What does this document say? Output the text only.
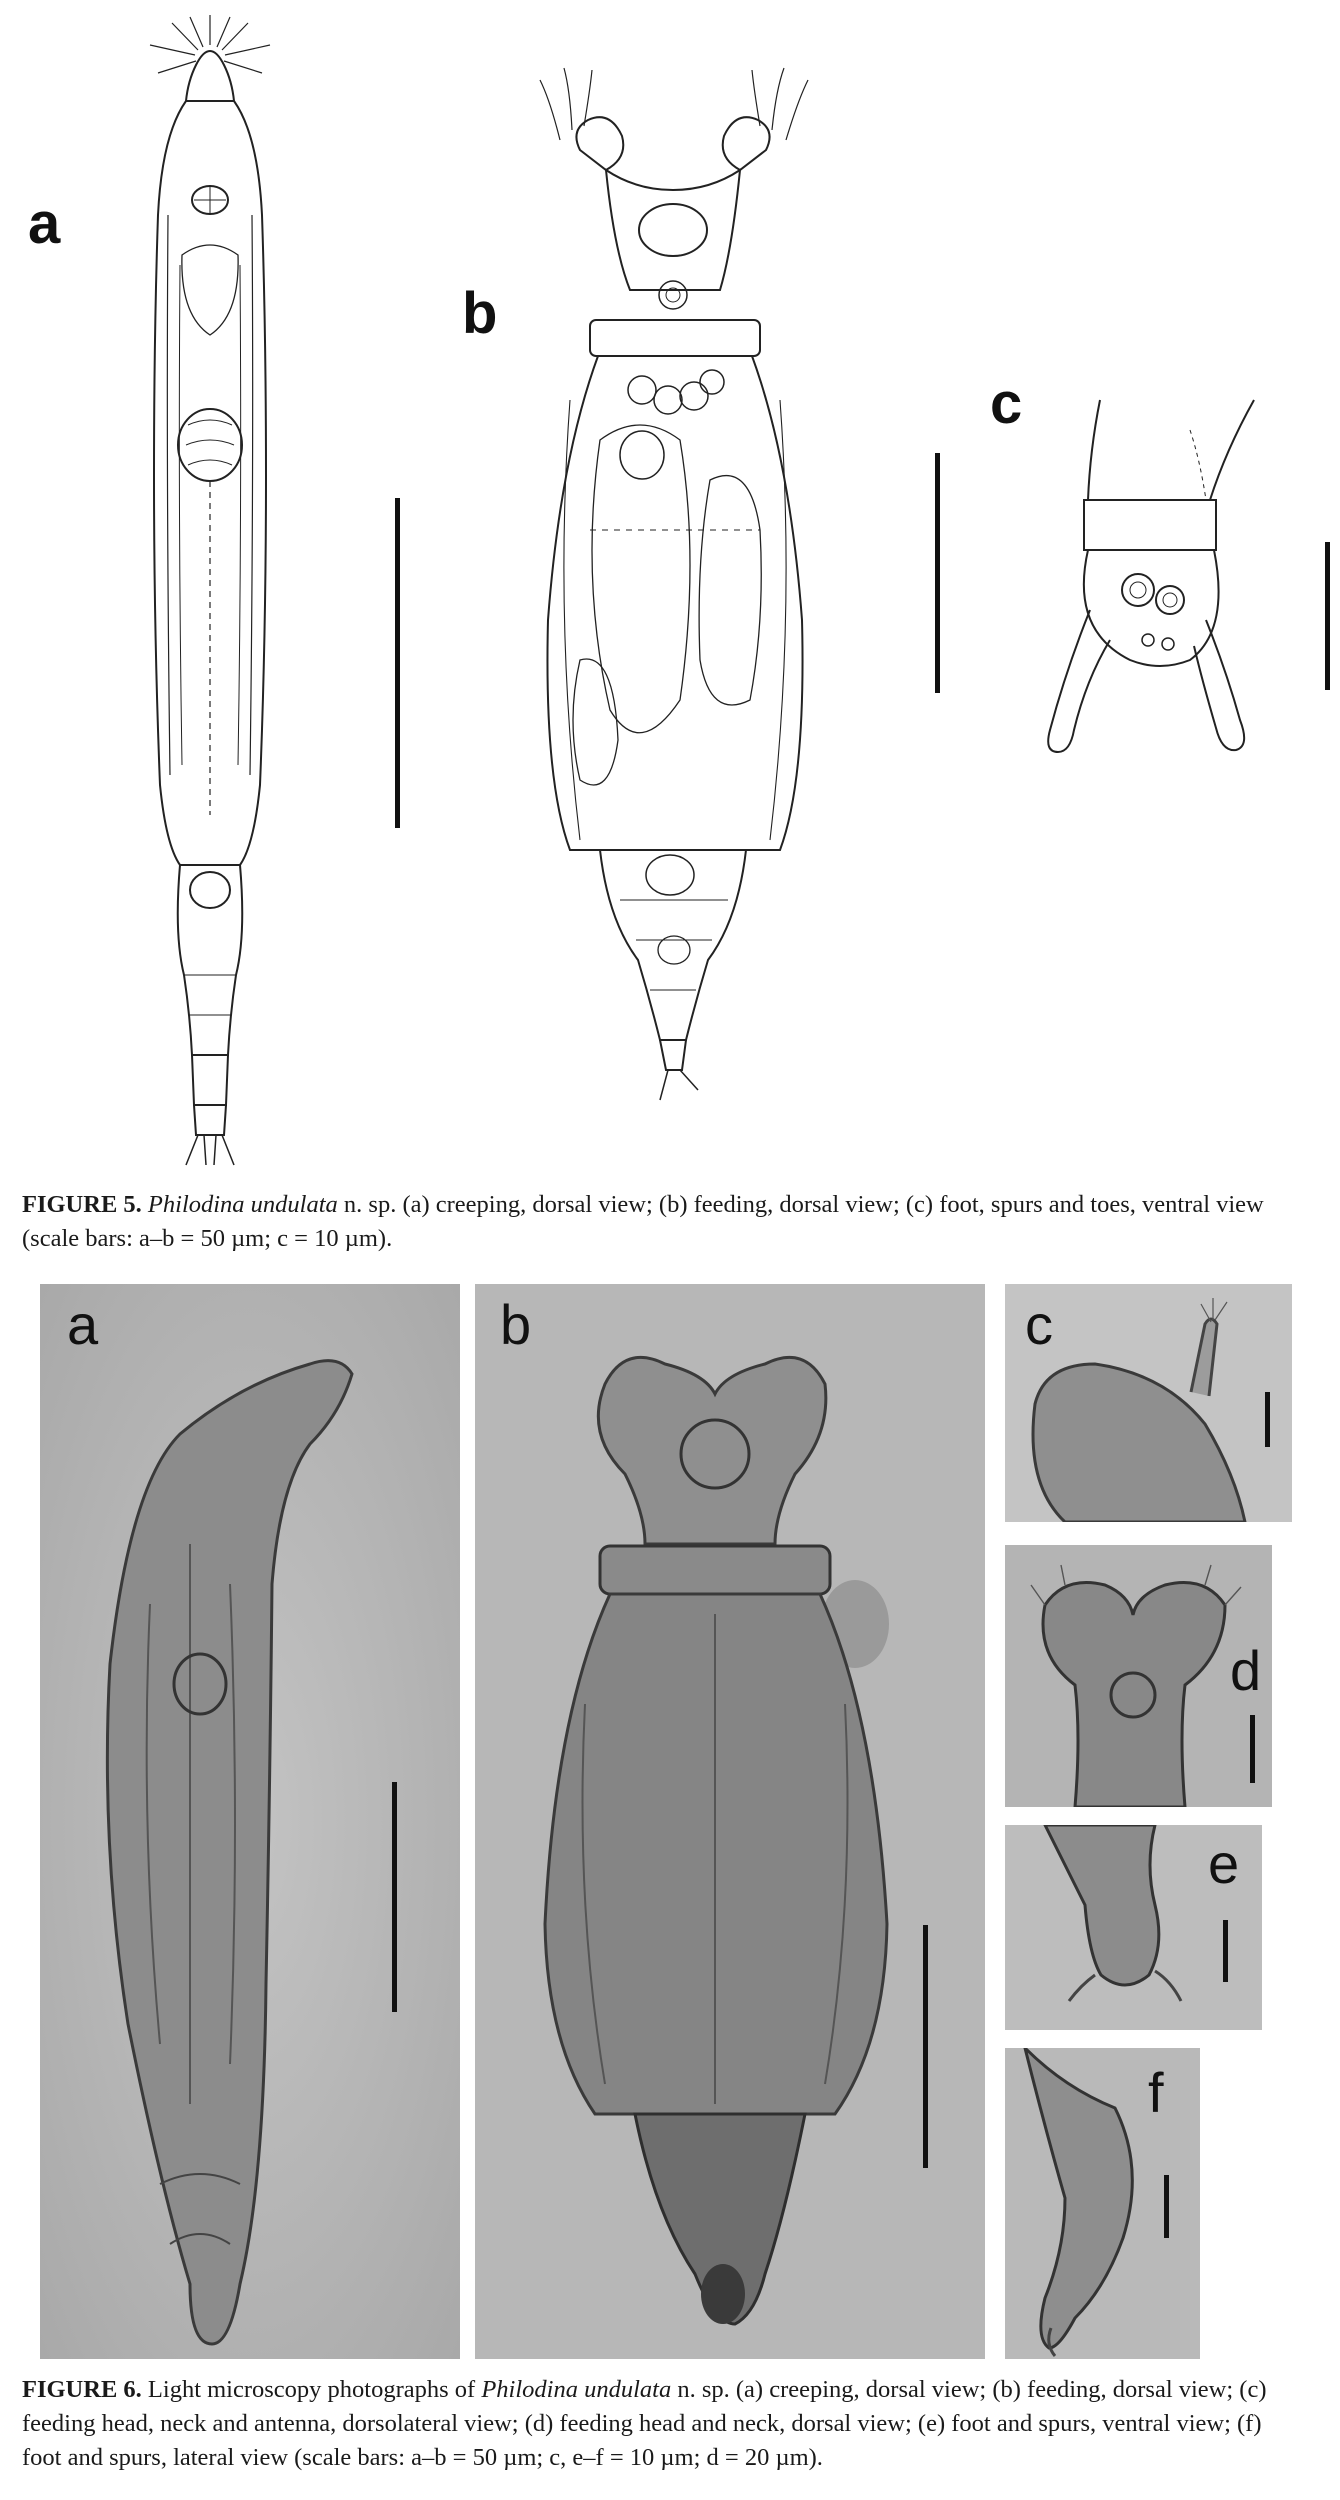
a
b
c
FIGURE 5. Philodina undulata n. sp. (a) creeping, dorsal view; (b) feeding, dorsal view; (c) foot, spurs and toes, ventral view
(scale bars: a–b = 50 µm; c = 10 µm).
a	b	c
d
e
f
FIGURE 6. Light microscopy photographs of Philodina undulata n. sp. (a) creeping, dorsal view; (b) feeding, dorsal view; (c)
feeding head, neck and antenna, dorsolateral view; (d) feeding head and neck, dorsal view; (e) foot and spurs, ventral view; (f)
foot and spurs, lateral view (scale bars: a–b = 50 µm; c, e–f = 10 µm; d = 20 µm).
